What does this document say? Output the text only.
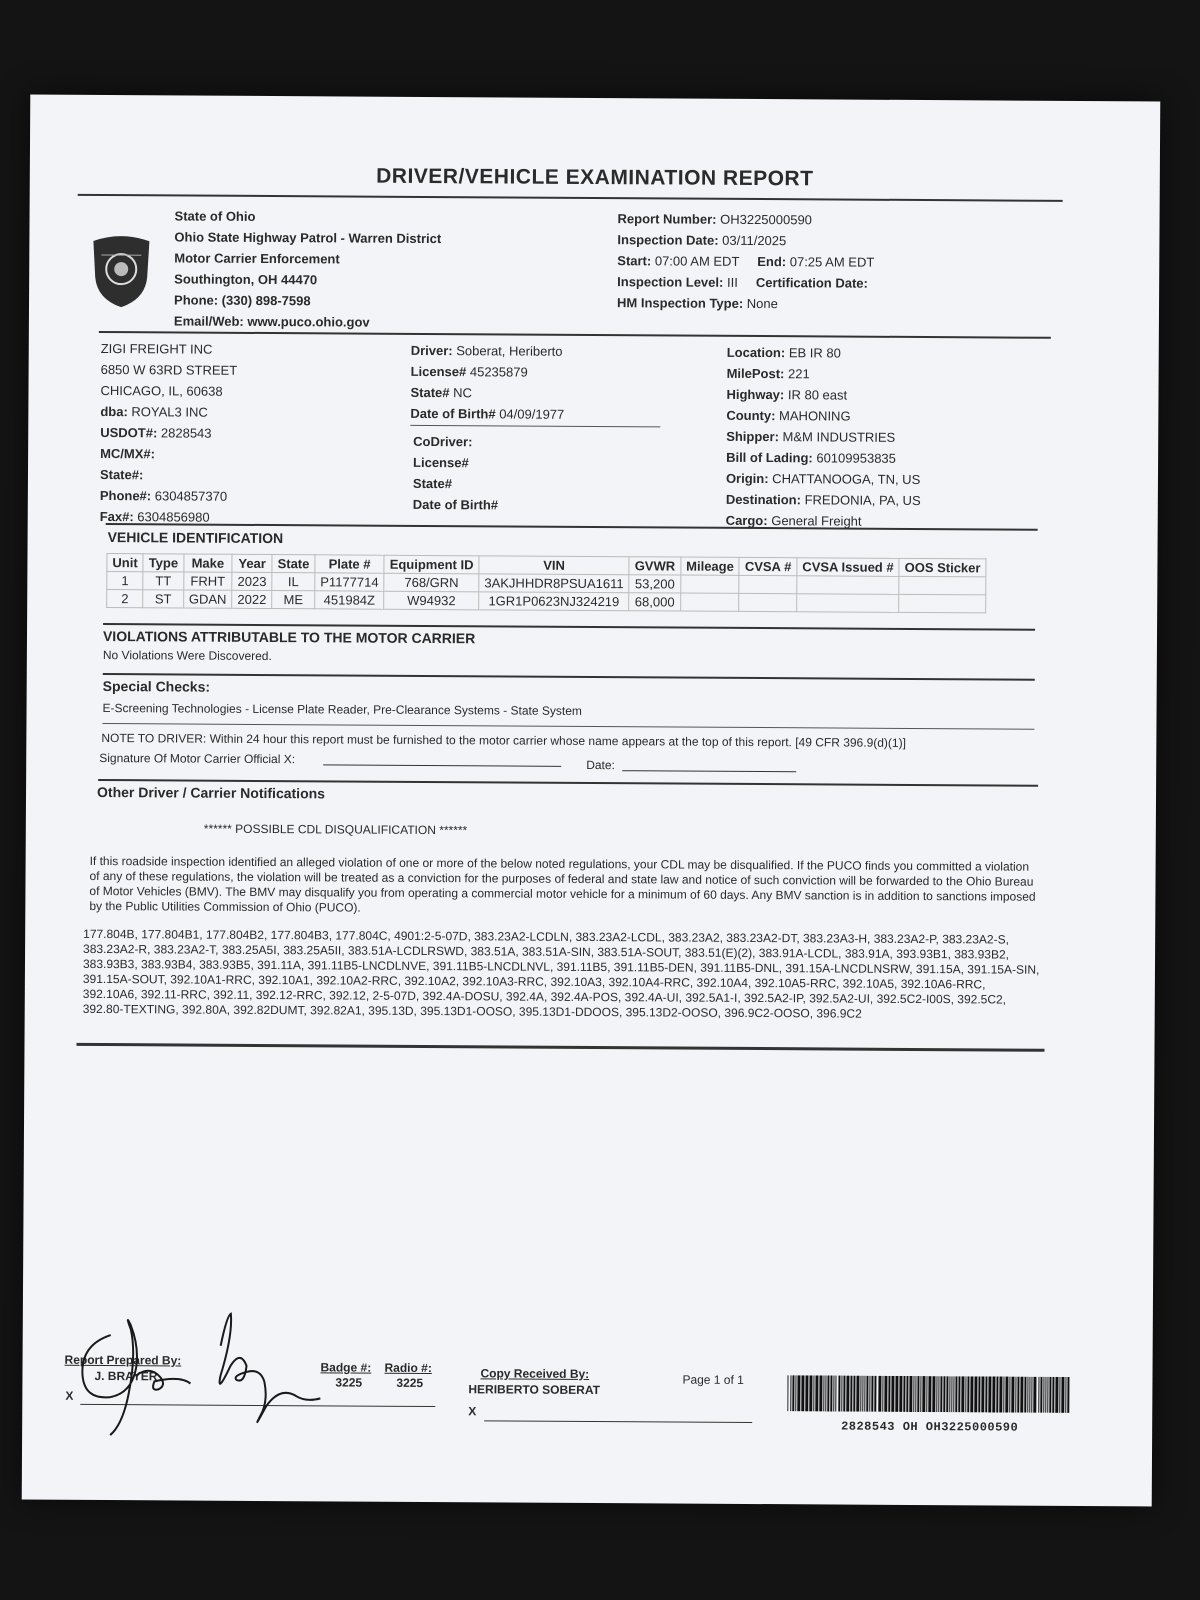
DRIVER/VEHICLE EXAMINATION REPORT
State of Ohio
Ohio State Highway Patrol - Warren District
Motor Carrier Enforcement
Southington, OH 44470
Phone: (330) 898-7598
Email/Web: www.puco.ohio.gov
Report Number: OH3225000590
Inspection Date: 03/11/2025
Start: 07:00 AM EDT End: 07:25 AM EDT
Inspection Level: III Certification Date:
HM Inspection Type: None
ZIGI FREIGHT INC
6850 W 63RD STREET
CHICAGO, IL, 60638
dba: ROYAL3 INC
USDOT#: 2828543
MC/MX#:
State#:
Phone#: 6304857370
Fax#: 6304856980
Driver: Soberat, Heriberto
License# 45235879
State# NC
Date of Birth# 04/09/1977
CoDriver:
License#
State#
Date of Birth#
Location: EB IR 80
MilePost: 221
Highway: IR 80 east
County: MAHONING
Shipper: M&M INDUSTRIES
Bill of Lading: 60109953835
Origin: CHATTANOOGA, TN, US
Destination: FREDONIA, PA, US
Cargo: General Freight
VEHICLE IDENTIFICATION
Unit	Type	Make	Year	State	Plate #	Equipment ID	VIN	GVWR	Mileage	CVSA #	CVSA Issued #	OOS Sticker
1	TT	FRHT	2023	IL	P1177714	768/GRN	3AKJHHDR8PSUA1611	53,200				
2	ST	GDAN	2022	ME	451984Z	W94932	1GR1P0623NJ324219	68,000				
VIOLATIONS ATTRIBUTABLE TO THE MOTOR CARRIER
No Violations Were Discovered.
Special Checks:
E-Screening Technologies - License Plate Reader, Pre-Clearance Systems - State System
NOTE TO DRIVER: Within 24 hour this report must be furnished to the motor carrier whose name appears at the top of this report. [49 CFR 396.9(d)(1)]
Signature Of Motor Carrier Official X:	Date:
Other Driver / Carrier Notifications
****** POSSIBLE CDL DISQUALIFICATION ******
If this roadside inspection identified an alleged violation of one or more of the below noted regulations, your CDL may be disqualified. If the PUCO finds you committed a violation of any of these regulations, the violation will be treated as a conviction for the purposes of federal and state law and notice of such conviction will be forwarded to the Ohio Bureau of Motor Vehicles (BMV). The BMV may disqualify you from operating a commercial motor vehicle for a minimum of 60 days. Any BMV sanction is in addition to sanctions imposed by the Public Utilities Commission of Ohio (PUCO).
177.804B, 177.804B1, 177.804B2, 177.804B3, 177.804C, 4901:2-5-07D, 383.23A2-LCDLN, 383.23A2-LCDL, 383.23A2, 383.23A2-DT, 383.23A3-H, 383.23A2-P, 383.23A2-S, 383.23A2-R, 383.23A2-T, 383.25A5I, 383.25A5II, 383.51A-LCDLRSWD, 383.51A, 383.51A-SIN, 383.51A-SOUT, 383.51(E)(2), 383.91A-LCDL, 383.91A, 393.93B1, 383.93B2, 383.93B3, 383.93B4, 383.93B5, 391.11A, 391.11B5-LNCDLNVE, 391.11B5-LNCDLNVL, 391.11B5, 391.11B5-DEN, 391.11B5-DNL, 391.15A-LNCDLNSRW, 391.15A, 391.15A-SIN, 391.15A-SOUT, 392.10A1-RRC, 392.10A1, 392.10A2-RRC, 392.10A2, 392.10A3-RRC, 392.10A3, 392.10A4-RRC, 392.10A4, 392.10A5-RRC, 392.10A5, 392.10A6-RRC, 392.10A6, 392.11-RRC, 392.11, 392.12-RRC, 392.12, 2-5-07D, 392.4A-DOSU, 392.4A, 392.4A-POS, 392.4A-UI, 392.5A1-I, 392.5A2-IP, 392.5A2-UI, 392.5C2-I00S, 392.5C2, 392.80-TEXTING, 392.80A, 392.82DUMT, 392.82A1, 395.13D, 395.13D1-OOSO, 395.13D1-DDOOS, 395.13D2-OOSO, 396.9C2-OOSO, 396.9C2
Report Prepared By:
J. BRAYER
X
Badge #:
3225
Radio #:
3225
Copy Received By:
HERIBERTO SOBERAT
X
Page 1 of 1
2828543 OH OH3225000590
